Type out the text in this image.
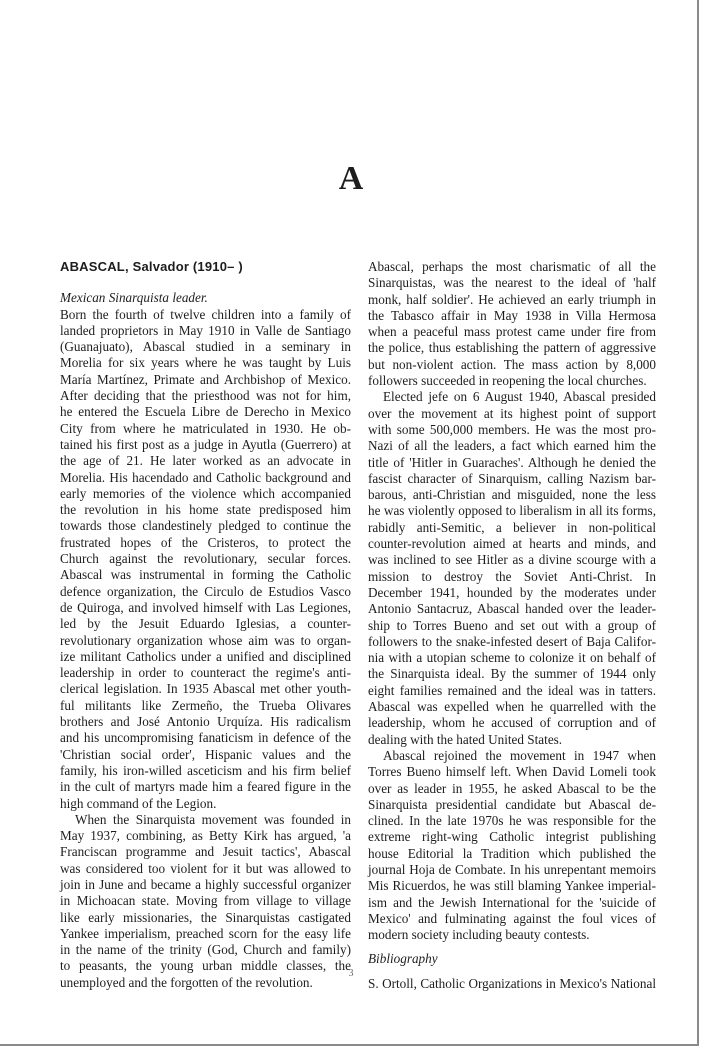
A

ABASCAL, Salvador (1910– )

Mexican Sinarquista leader.

Born the fourth of twelve children into a family of

landed proprietors in May 1910 in Valle de Santiago

(Guanajuato), Abascal studied in a seminary in

Morelia for six years where he was taught by Luis

María Martínez, Primate and Archbishop of Mexico.

After deciding that the priesthood was not for him,

he entered the Escuela Libre de Derecho in Mexico

City from where he matriculated in 1930. He ob-

tained his first post as a judge in Ayutla (Guerrero) at

the age of 21. He later worked as an advocate in

Morelia. His hacendado and Catholic background and

early memories of the violence which accompanied

the revolution in his home state predisposed him

towards those clandestinely pledged to continue the

frustrated hopes of the Cristeros, to protect the

Church against the revolutionary, secular forces.

Abascal was instrumental in forming the Catholic

defence organization, the Circulo de Estudios Vasco

de Quiroga, and involved himself with Las Legiones,

led by the Jesuit Eduardo Iglesias, a counter-

revolutionary organization whose aim was to organ-

ize militant Catholics under a unified and disciplined

leadership in order to counteract the regime's anti-

clerical legislation. In 1935 Abascal met other youth-

ful militants like Zermeño, the Trueba Olivares

brothers and José Antonio Urquíza. His radicalism

and his uncompromising fanaticism in defence of the

'Christian social order', Hispanic values and the

family, his iron-willed asceticism and his firm belief

in the cult of martyrs made him a feared figure in the

high command of the Legion.

When the Sinarquista movement was founded in

May 1937, combining, as Betty Kirk has argued, 'a

Franciscan programme and Jesuit tactics', Abascal

was considered too violent for it but was allowed to

join in June and became a highly successful organizer

in Michoacan state. Moving from village to village

like early missionaries, the Sinarquistas castigated

Yankee imperialism, preached scorn for the easy life

in the name of the trinity (God, Church and family)

to peasants, the young urban middle classes, the

unemployed and the forgotten of the revolution.

Abascal, perhaps the most charismatic of all the

Sinarquistas, was the nearest to the ideal of 'half

monk, half soldier'. He achieved an early triumph in

the Tabasco affair in May 1938 in Villa Hermosa

when a peaceful mass protest came under fire from

the police, thus establishing the pattern of aggressive

but non-violent action. The mass action by 8,000

followers succeeded in reopening the local churches.

Elected jefe on 6 August 1940, Abascal presided

over the movement at its highest point of support

with some 500,000 members. He was the most pro-

Nazi of all the leaders, a fact which earned him the

title of 'Hitler in Guaraches'. Although he denied the

fascist character of Sinarquism, calling Nazism bar-

barous, anti-Christian and misguided, none the less

he was violently opposed to liberalism in all its forms,

rabidly anti-Semitic, a believer in non-political

counter-revolution aimed at hearts and minds, and

was inclined to see Hitler as a divine scourge with a

mission to destroy the Soviet Anti-Christ. In

December 1941, hounded by the moderates under

Antonio Santacruz, Abascal handed over the leader-

ship to Torres Bueno and set out with a group of

followers to the snake-infested desert of Baja Califor-

nia with a utopian scheme to colonize it on behalf of

the Sinarquista ideal. By the summer of 1944 only

eight families remained and the ideal was in tatters.

Abascal was expelled when he quarrelled with the

leadership, whom he accused of corruption and of

dealing with the hated United States.

Abascal rejoined the movement in 1947 when

Torres Bueno himself left. When David Lomeli took

over as leader in 1955, he asked Abascal to be the

Sinarquista presidential candidate but Abascal de-

clined. In the late 1970s he was responsible for the

extreme right-wing Catholic integrist publishing

house Editorial la Tradition which published the

journal Hoja de Combate. In his unrepentant memoirs

Mis Ricuerdos, he was still blaming Yankee imperial-

ism and the Jewish International for the 'suicide of

Mexico' and fulminating against the foul vices of

modern society including beauty contests.

Bibliography

S. Ortoll, Catholic Organizations in Mexico's National

3
